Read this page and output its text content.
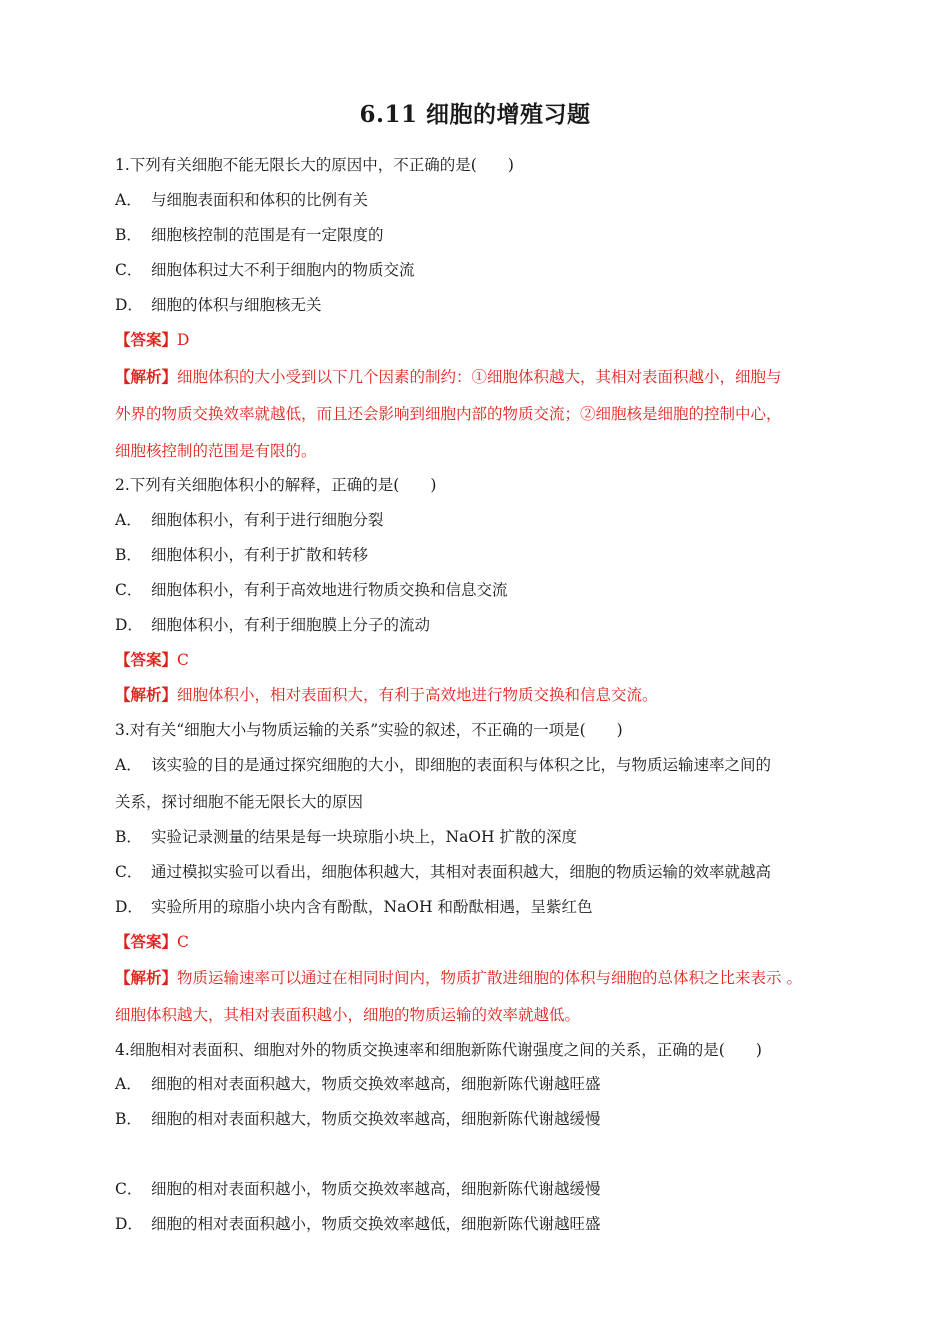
6.11 细胞的增殖习题
1.下列有关细胞不能无限长大的原因中，不正确的是(　　)
A． 与细胞表面积和体积的比例有关
B． 细胞核控制的范围是有一定限度的
C． 细胞体积过大不利于细胞内的物质交流
D． 细胞的体积与细胞核无关
【答案】D
【解析】细胞体积的大小受到以下几个因素的制约：①细胞体积越大，其相对表面积越小，细胞与
外界的物质交换效率就越低，而且还会影响到细胞内部的物质交流；②细胞核是细胞的控制中心，
细胞核控制的范围是有限的。
2.下列有关细胞体积小的解释，正确的是(　　)
A． 细胞体积小，有利于进行细胞分裂
B． 细胞体积小，有利于扩散和转移
C． 细胞体积小，有利于高效地进行物质交换和信息交流
D． 细胞体积小，有利于细胞膜上分子的流动
【答案】C
【解析】细胞体积小，相对表面积大，有利于高效地进行物质交换和信息交流。
3.对有关“细胞大小与物质运输的关系”实验的叙述，不正确的一项是(　　)
A． 该实验的目的是通过探究细胞的大小，即细胞的表面积与体积之比，与物质运输速率之间的
关系，探讨细胞不能无限长大的原因
B． 实验记录测量的结果是每一块琼脂小块上，NaOH 扩散的深度
C． 通过模拟实验可以看出，细胞体积越大，其相对表面积越大，细胞的物质运输的效率就越高
D． 实验所用的琼脂小块内含有酚酞，NaOH 和酚酞相遇，呈紫红色
【答案】C
【解析】物质运输速率可以通过在相同时间内，物质扩散进细胞的体积与细胞的总体积之比来表示 。
细胞体积越大，其相对表面积越小，细胞的物质运输的效率就越低。
4.细胞相对表面积、细胞对外的物质交换速率和细胞新陈代谢强度之间的关系，正确的是(　　)
A． 细胞的相对表面积越大，物质交换效率越高，细胞新陈代谢越旺盛
B． 细胞的相对表面积越大，物质交换效率越高，细胞新陈代谢越缓慢
C． 细胞的相对表面积越小，物质交换效率越高，细胞新陈代谢越缓慢
D． 细胞的相对表面积越小，物质交换效率越低，细胞新陈代谢越旺盛
